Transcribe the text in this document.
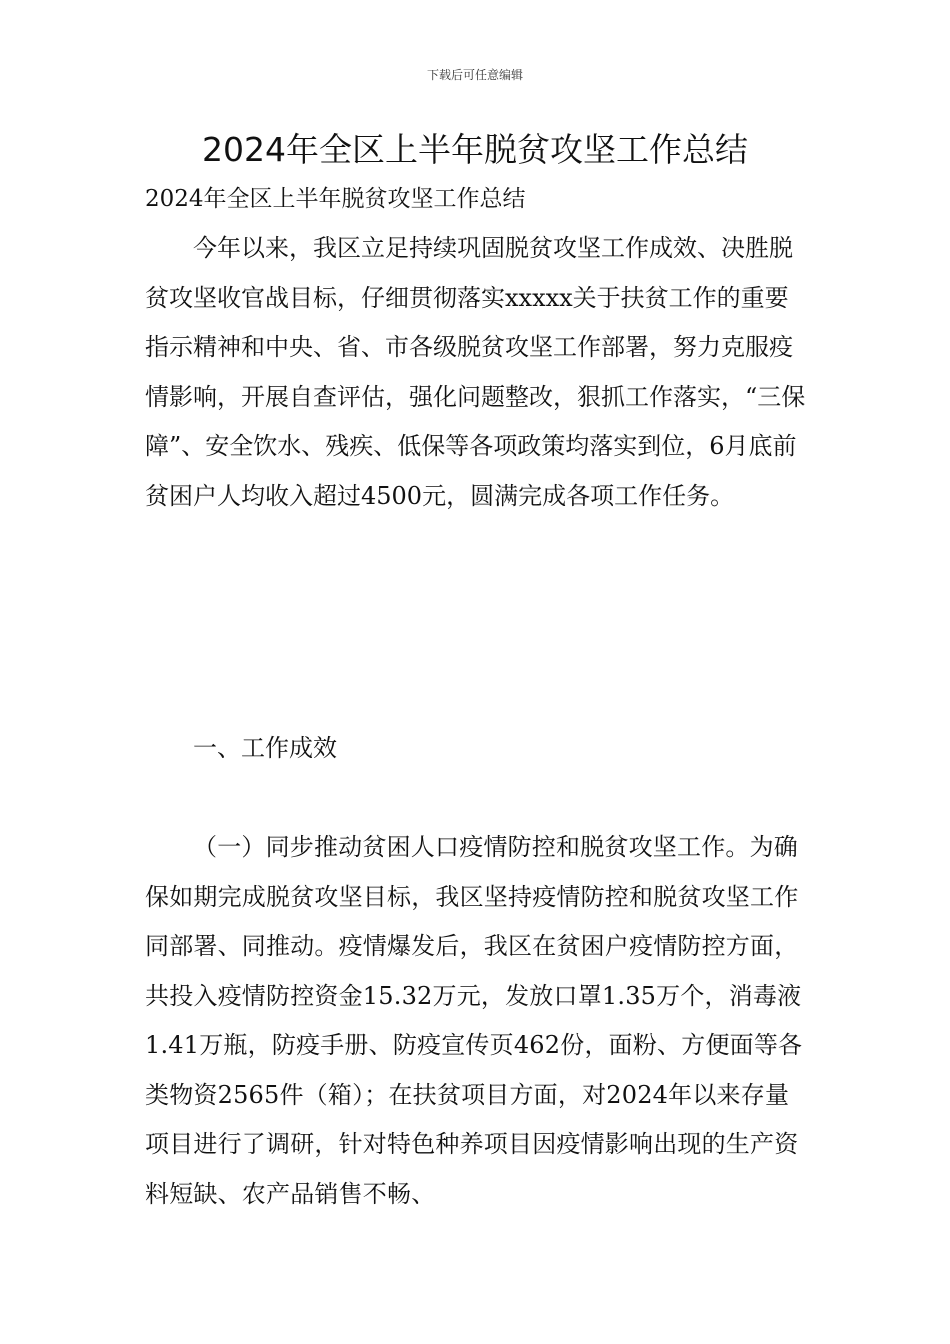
下载后可任意编辑
2024年全区上半年脱贫攻坚工作总结
2024年全区上半年脱贫攻坚工作总结

今年以来，我区立足持续巩固脱贫攻坚工作成效、决胜脱贫攻坚收官战目标，仔细贯彻落实xxxxx关于扶贫工作的重要指示精神和中央、省、市各级脱贫攻坚工作部署，努力克服疫情影响，开展自查评估，强化问题整改，狠抓工作落实，“三保障”、安全饮水、残疾、低保等各项政策均落实到位，6月底前贫困户人均收入超过4500元，圆满完成各项工作任务。

一、工作成效

（一）同步推动贫困人口疫情防控和脱贫攻坚工作。为确保如期完成脱贫攻坚目标，我区坚持疫情防控和脱贫攻坚工作同部署、同推动。疫情爆发后，我区在贫困户疫情防控方面，共投入疫情防控资金15.32万元，发放口罩1.35万个，消毒液1.41万瓶，防疫手册、防疫宣传页462份，面粉、方便面等各类物资2565件（箱）；在扶贫项目方面，对2024年以来存量项目进行了调研，针对特色种养项目因疫情影响出现的生产资料短缺、农产品销售不畅、
